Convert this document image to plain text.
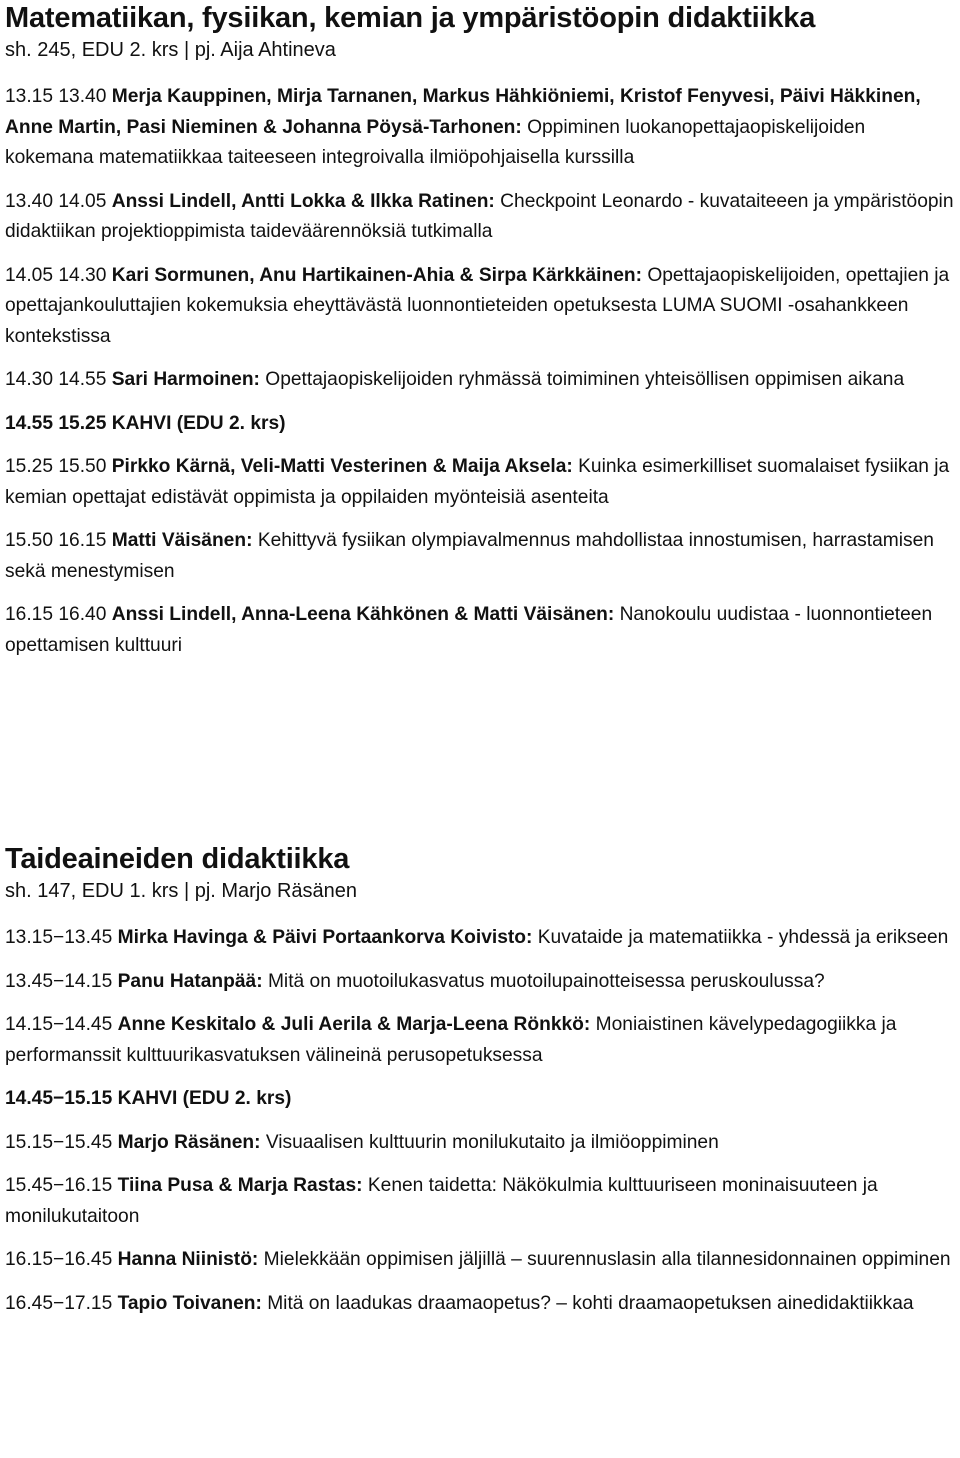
Matematiikan, fysiikan, kemian ja ympäristöopin didaktiikka

sh. 245, EDU 2. krs | pj. Aija Ahtineva

13.15 13.40 Merja Kauppinen, Mirja Tarnanen, Markus Hähkiöniemi, Kristof Fenyvesi, Päivi Häkkinen, Anne Martin, Pasi Nieminen & Johanna Pöysä-Tarhonen: Oppiminen luokanopettajaopiskelijoiden kokemana matematiikkaa taiteeseen integroivalla ilmiöpohjaisella kurssilla

13.40 14.05 Anssi Lindell, Antti Lokka & Ilkka Ratinen: Checkpoint Leonardo - kuvataiteeen ja ympäristöopin didaktiikan projektioppimista taideväärennöksiä tutkimalla

14.05 14.30 Kari Sormunen, Anu Hartikainen-Ahia & Sirpa Kärkkäinen: Opettajaopiskelijoiden, opettajien ja opettajankouluttajien kokemuksia eheyttävästä luonnontieteiden opetuksesta LUMA SUOMI -osahankkeen kontekstissa

14.30 14.55 Sari Harmoinen: Opettajaopiskelijoiden ryhmässä toimiminen yhteisöllisen oppimisen aikana

14.55 15.25 KAHVI (EDU 2. krs)

15.25 15.50 Pirkko Kärnä, Veli-Matti Vesterinen & Maija Aksela: Kuinka esimerkilliset suomalaiset fysiikan ja kemian opettajat edistävät oppimista ja oppilaiden myönteisiä asenteita

15.50 16.15 Matti Väisänen: Kehittyvä fysiikan olympiavalmennus mahdollistaa innostumisen, harrastamisen sekä menestymisen

16.15 16.40 Anssi Lindell, Anna-Leena Kähkönen & Matti Väisänen: Nanokoulu uudistaa - luonnontieteen opettamisen kulttuuri

Taideaineiden didaktiikka

sh. 147, EDU 1. krs | pj. Marjo Räsänen

13.15−13.45 Mirka Havinga & Päivi Portaankorva Koivisto: Kuvataide ja matematiikka - yhdessä ja erikseen

13.45−14.15 Panu Hatanpää: Mitä on muotoilukasvatus muotoilupainotteisessa peruskoulussa?

14.15−14.45 Anne Keskitalo & Juli Aerila & Marja-Leena Rönkkö: Moniaistinen kävelypedagogiikka ja performanssit kulttuurikasvatuksen välineinä perusopetuksessa

14.45−15.15 KAHVI (EDU 2. krs)

15.15−15.45 Marjo Räsänen: Visuaalisen kulttuurin monilukutaito ja ilmiöoppiminen

15.45−16.15 Tiina Pusa & Marja Rastas: Kenen taidetta: Näkökulmia kulttuuriseen moninaisuuteen ja monilukutaitoon

16.15−16.45 Hanna Niinistö: Mielekkään oppimisen jäljillä – suurennuslasin alla tilannesidonnainen oppiminen

16.45−17.15 Tapio Toivanen: Mitä on laadukas draamaopetus? – kohti draamaopetuksen ainedidaktiikkaa
